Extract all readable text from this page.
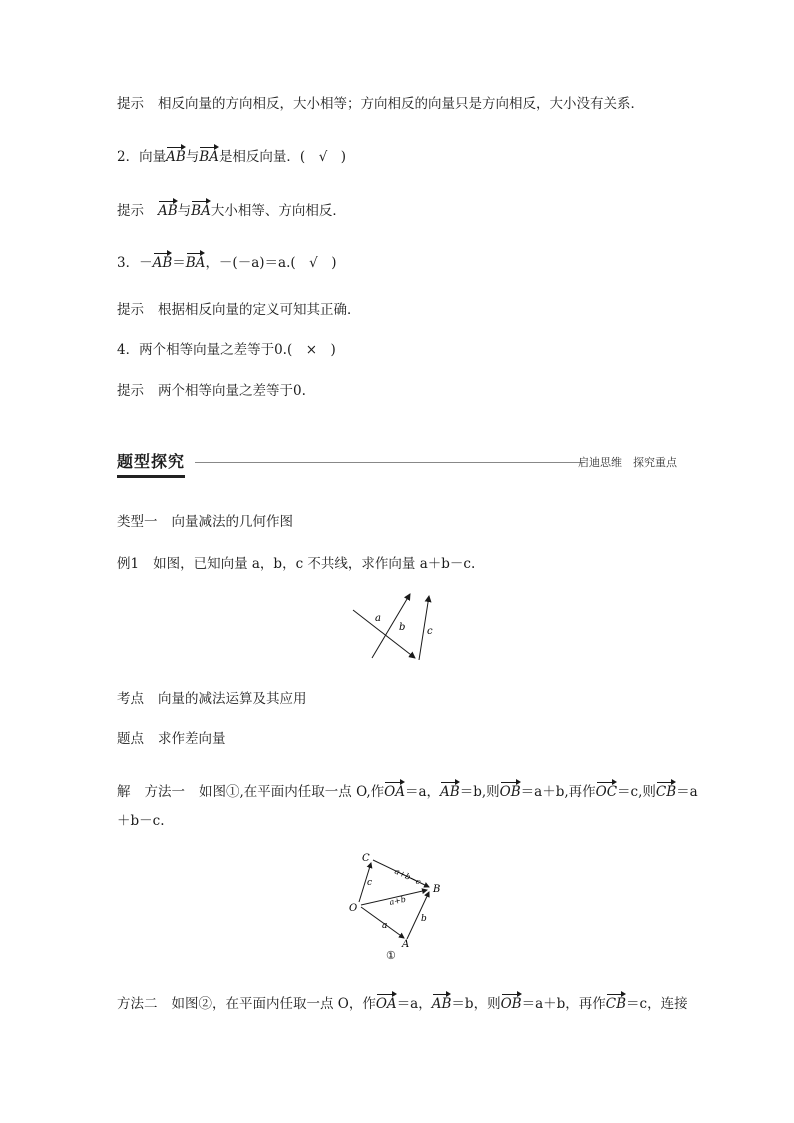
提示 相反向量的方向相反，大小相等；方向相反的向量只是方向相反，大小没有关系．
2．向量AB与BA是相反向量．(　√　)
提示 AB与BA大小相等、方向相反．
3．－AB＝BA，－(－a)＝a.(　√　)
提示 根据相反向量的定义可知其正确．
4．两个相等向量之差等于0.(　×　)
提示 两个相等向量之差等于0.
题型探究	启迪思维　探究重点
类型一 向量减法的几何作图
例1 如图，已知向量 a，b，c 不共线，求作向量 a＋b－c.
a
b c
考点 向量的减法运算及其应用
题点 求作差向量
解 方法一 如图①,在平面内任取一点 O,作OA＝a，AB＝b,则OB＝a＋b,再作OC＝c,则CB＝a
＋b－c.
C
O
A
B
a+b−c
c
a+b
a
b
①
方法二 如图②，在平面内任取一点 O，作OA＝a，AB＝b，则OB＝a＋b，再作CB＝c，连接
